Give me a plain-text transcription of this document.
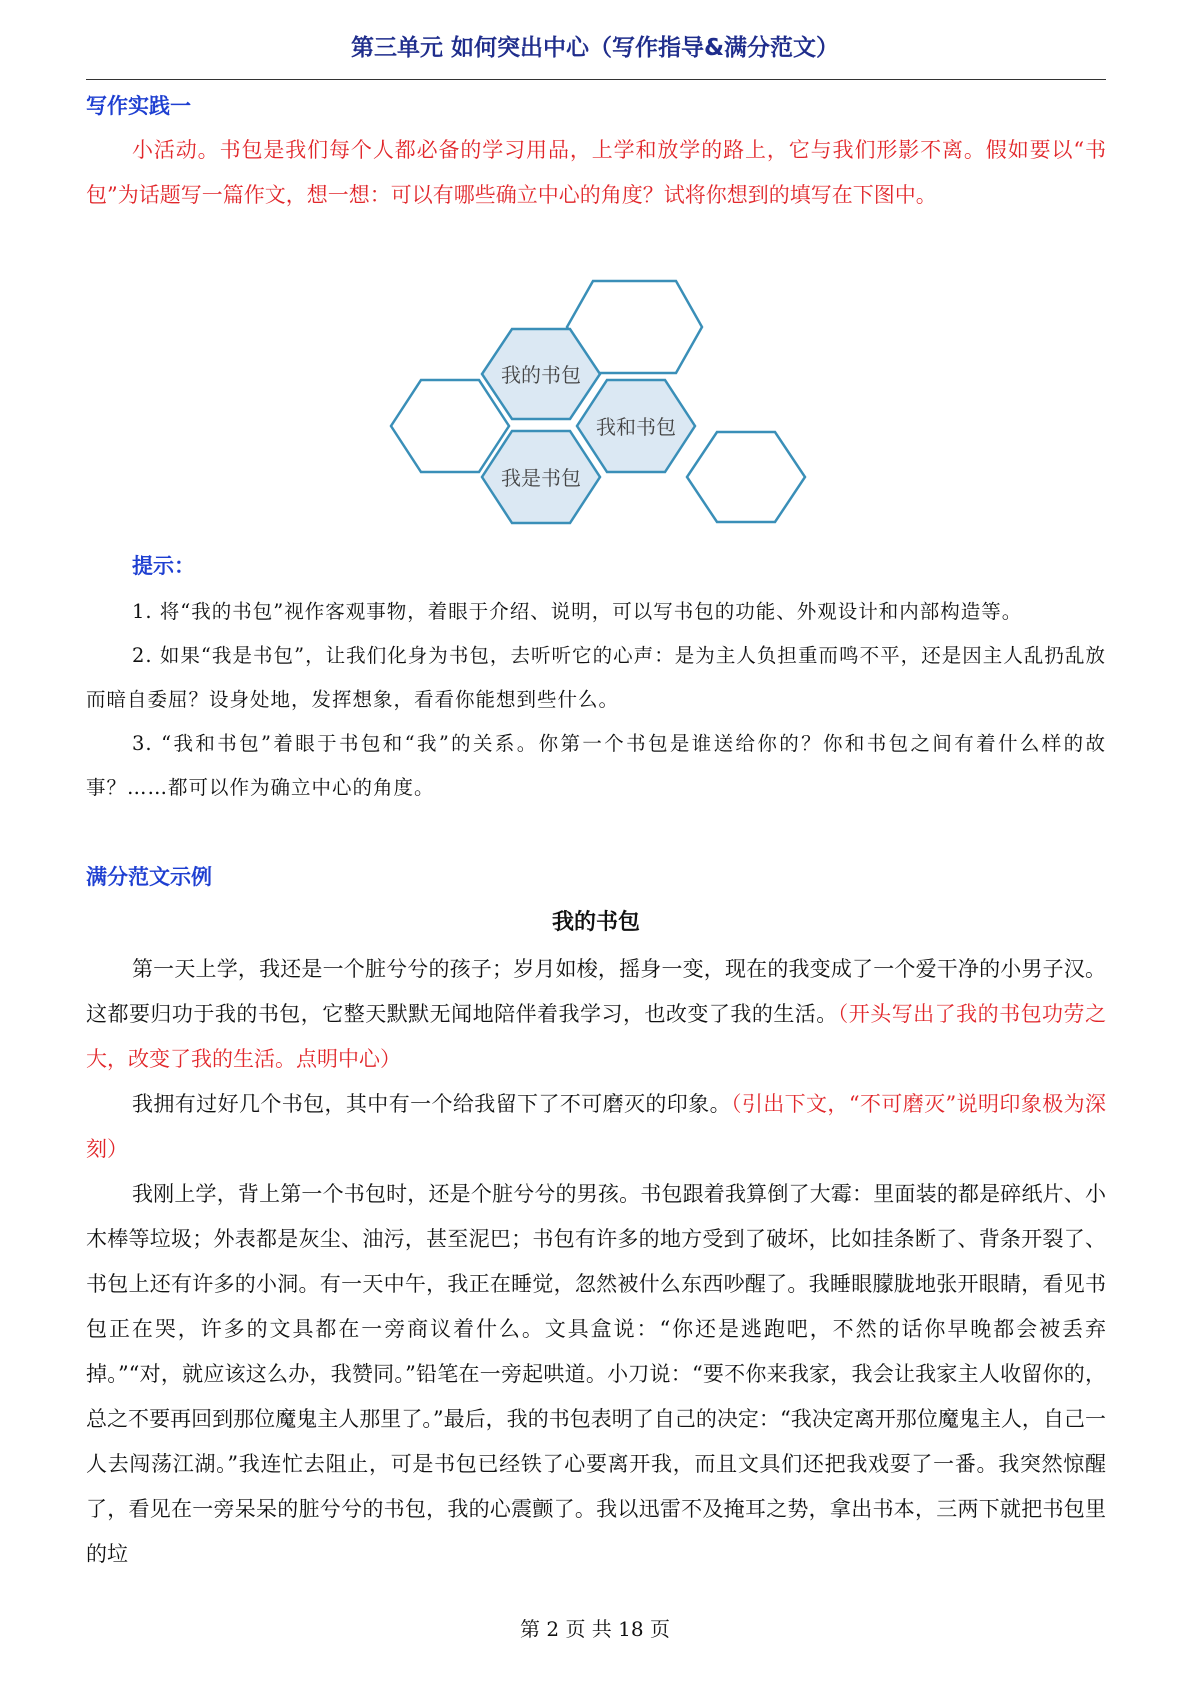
第三单元 如何突出中心（写作指导&满分范文）
写作实践一

小活动。书包是我们每个人都必备的学习用品，上学和放学的路上，它与我们形影不离。假如要以“书包”为话题写一篇作文，想一想：可以有哪些确立中心的角度？试将你想到的填写在下图中。

我的书包
我和书包
我是书包
提示：

1. 将“我的书包”视作客观事物，着眼于介绍、说明，可以写书包的功能、外观设计和内部构造等。

2. 如果“我是书包”，让我们化身为书包，去听听它的心声：是为主人负担重而鸣不平，还是因主人乱扔乱放而暗自委屈？设身处地，发挥想象，看看你能想到些什么。

3. “我和书包”着眼于书包和“我”的关系。你第一个书包是谁送给你的？你和书包之间有着什么样的故事？……都可以作为确立中心的角度。

满分范文示例
我的书包

第一天上学，我还是一个脏兮兮的孩子；岁月如梭，摇身一变，现在的我变成了一个爱干净的小男子汉。这都要归功于我的书包，它整天默默无闻地陪伴着我学习，也改变了我的生活。（开头写出了我的书包功劳之大，改变了我的生活。点明中心）

我拥有过好几个书包，其中有一个给我留下了不可磨灭的印象。（引出下文，“不可磨灭”说明印象极为深刻）

我刚上学，背上第一个书包时，还是个脏兮兮的男孩。书包跟着我算倒了大霉：里面装的都是碎纸片、小木棒等垃圾；外表都是灰尘、油污，甚至泥巴；书包有许多的地方受到了破坏，比如挂条断了、背条开裂了、书包上还有许多的小洞。有一天中午，我正在睡觉，忽然被什么东西吵醒了。我睡眼朦胧地张开眼睛，看见书包正在哭，许多的文具都在一旁商议着什么。文具盒说：“你还是逃跑吧，不然的话你早晚都会被丢弃掉。”“对，就应该这么办，我赞同。”铅笔在一旁起哄道。小刀说：“要不你来我家，我会让我家主人收留你的，总之不要再回到那位魔鬼主人那里了。”最后，我的书包表明了自己的决定：“我决定离开那位魔鬼主人，自己一人去闯荡江湖。”我连忙去阻止，可是书包已经铁了心要离开我，而且文具们还把我戏耍了一番。我突然惊醒了，看见在一旁呆呆的脏兮兮的书包，我的心震颤了。我以迅雷不及掩耳之势，拿出书本，三两下就把书包里的垃

第 2 页 共 18 页
